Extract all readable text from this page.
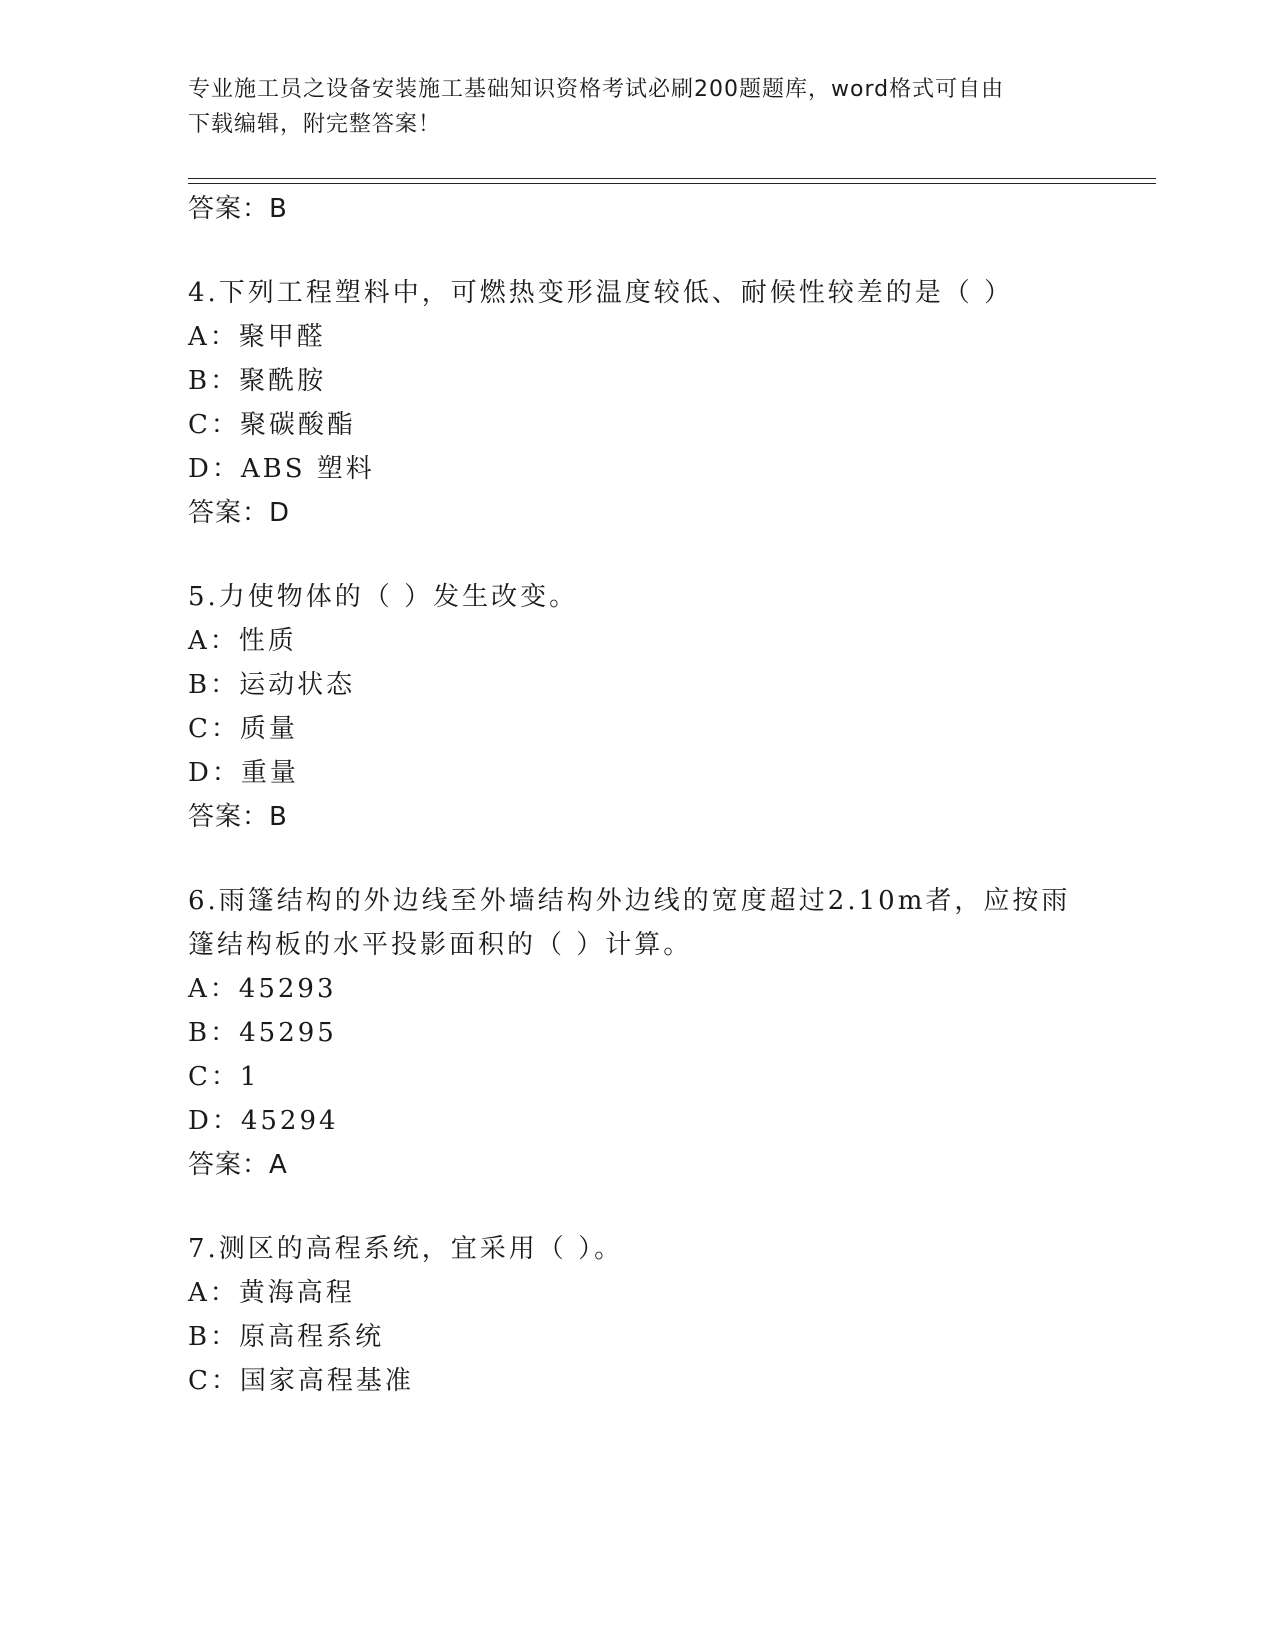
专业施工员之设备安装施工基础知识资格考试必刷200题题库，word格式可自由
下载编辑，附完整答案！
答案：B
4.下列工程塑料中，可燃热变形温度较低、耐候性较差的是（ ）
A：聚甲醛
B：聚酰胺
C：聚碳酸酯
D：ABS 塑料
答案：D
5.力使物体的（ ）发生改变。
A：性质
B：运动状态
C：质量
D：重量
答案：B
6.雨篷结构的外边线至外墙结构外边线的宽度超过2.10m者，应按雨
篷结构板的水平投影面积的（ ）计算。
A：45293
B：45295
C：1
D：45294
答案：A
7.测区的高程系统，宜采用（ ）。
A：黄海高程
B：原高程系统
C：国家高程基准
